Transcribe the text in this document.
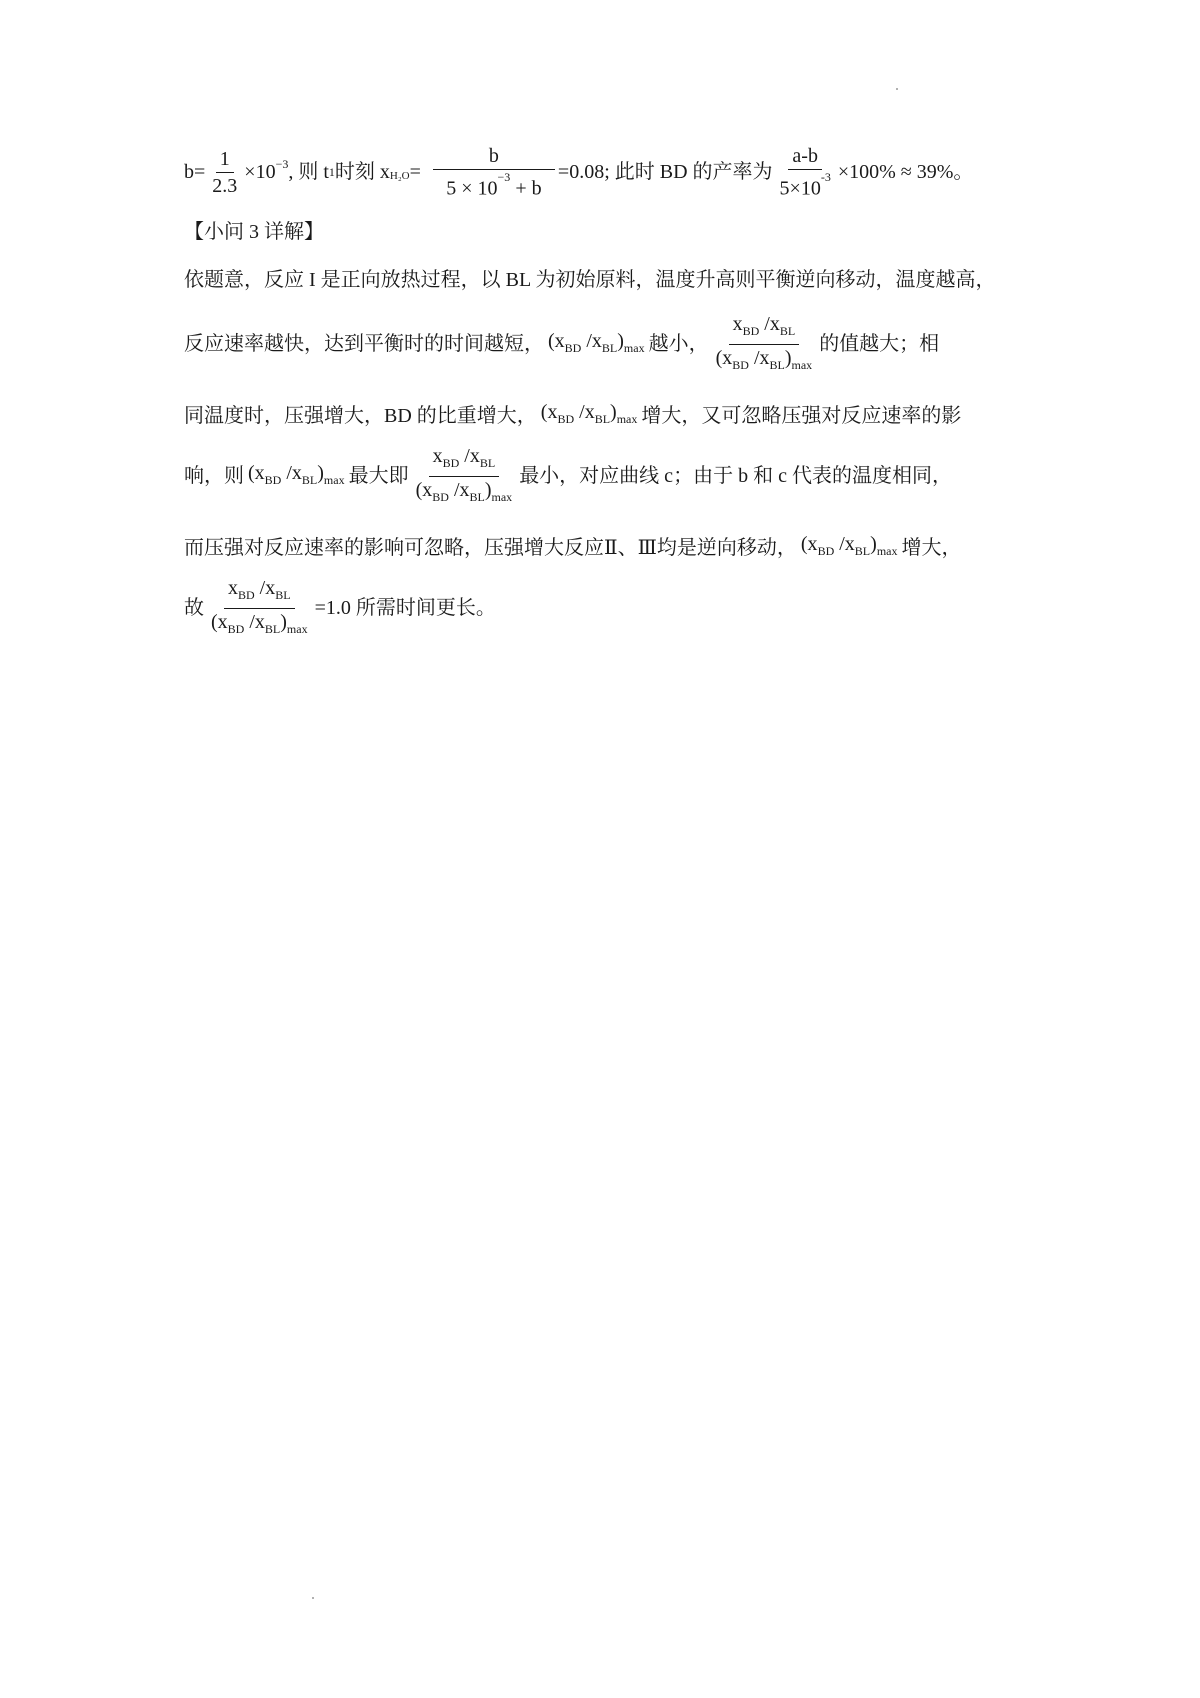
$b= \frac{1}{2.3} \times 10^{-3}$ , 则 t 1 时刻 $x_{H_2O} = \frac{b}{5 \times 10^{-3} + b} =0.08$; 此时 BD 的产率为 $\frac{a-b}{5\times 10^{-3}} \times 100\% \approx 39\%$。
【小问 3 详解】
依题意，反应 I 是正向放热过程，以 BL 为初始原料，温度升高则平衡逆向移动，温度越高，
反应速率越快，达到平衡时的时间越短， ($x_{BD}$ $/x_{BL})_{max}$ 越小， $\frac{x_{BD} /x_{BL}}{(x_{BD} /x_{BL})_{max}}$ 的值越大；相
同温度时，压强增大，BD 的比重增大， ($x_{BD}$ $/x_{BL})_{max}$ 增大，又可忽略压强对反应速率的影
响，则 ($x_{BD}$ $/x_{BL})_{max}$ 最大即 $\frac{x_{BD} /x_{BL}}{(x_{BD} /x_{BL})_{max}}$ 最小，对应曲线 c；由于 b 和 c 代表的温度相同，
而压强对反应速率的影响可忽略，压强增大反应Ⅱ、Ⅲ均是逆向移动， ($x_{BD}$ $/x_{BL})_{max}$ 增大，
故 $\frac{x_{BD} /x_{BL}}{(x_{BD} /x_{BL})_{max}} =1.0$ 所需时间更长。
